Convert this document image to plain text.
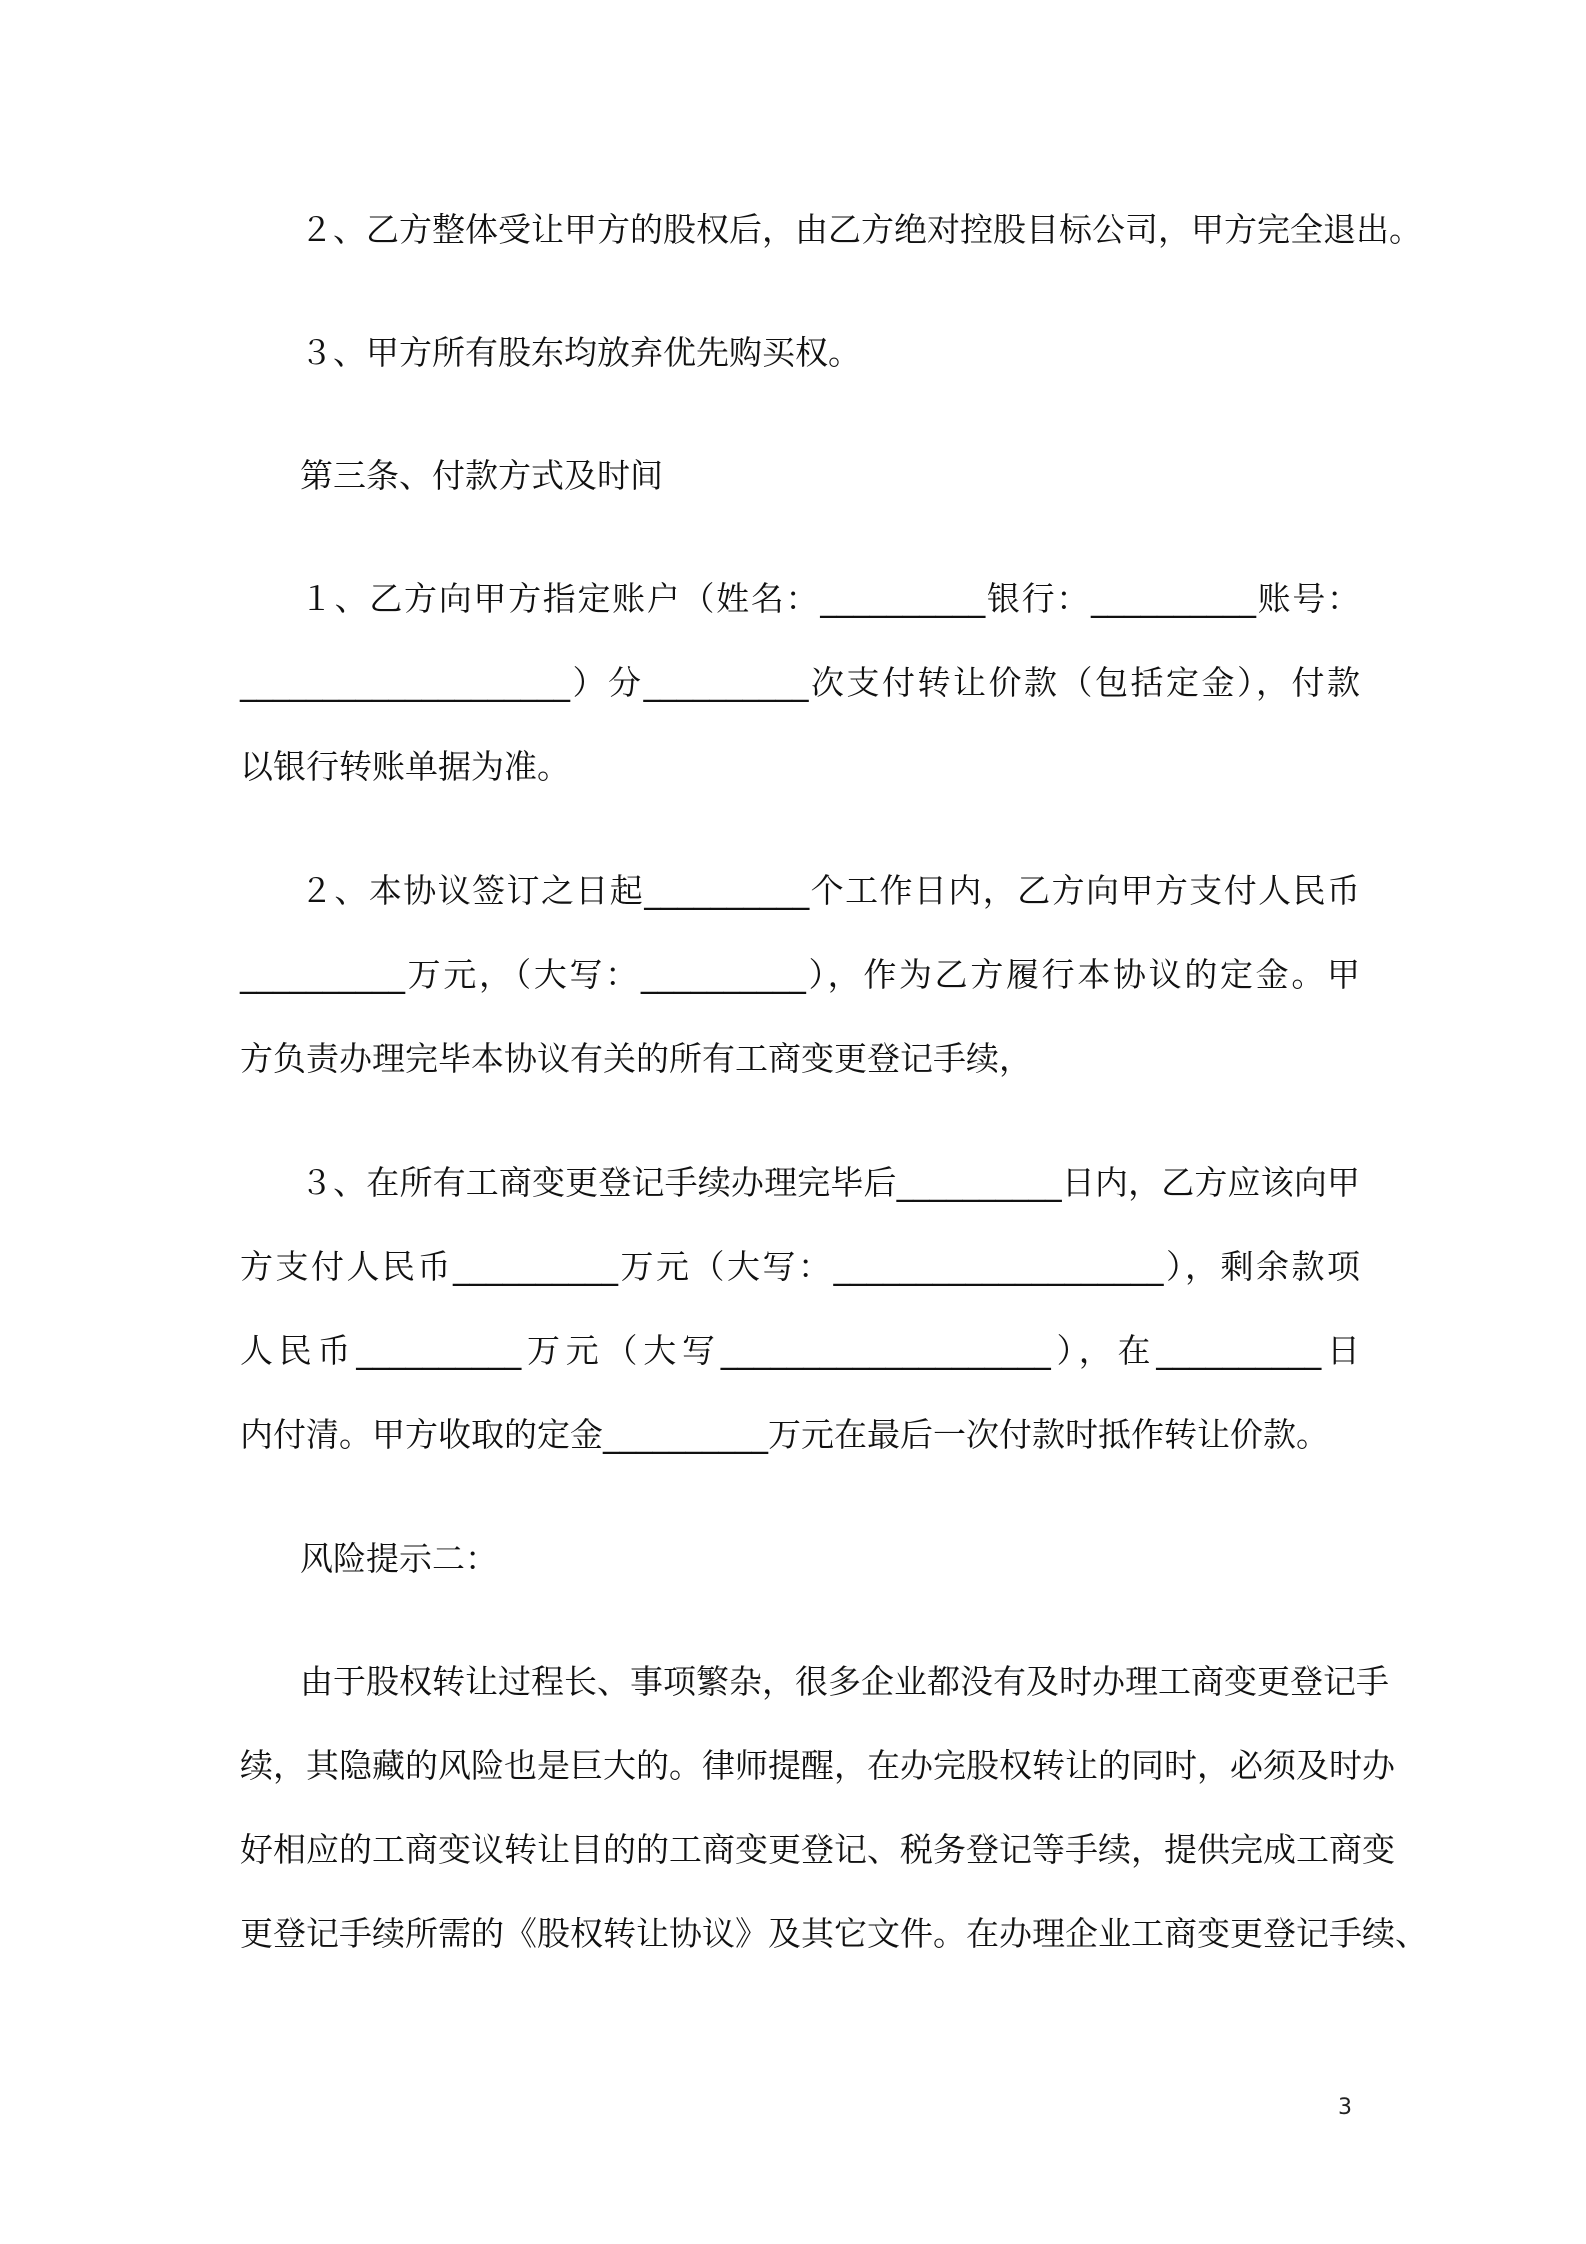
２、乙方整体受让甲方的股权后，由乙方绝对控股目标公司，甲方完全退出。
３、甲方所有股东均放弃优先购买权。
第三条、付款方式及时间
１、乙方向甲方指定账户（姓名：__________银行：__________账号：
____________________）分__________次支付转让价款（包括定金），付款
以银行转账单据为准。
２、本协议签订之日起__________个工作日内，乙方向甲方支付人民币
__________万元，（大写：__________），作为乙方履行本协议的定金。甲
方负责办理完毕本协议有关的所有工商变更登记手续，
３、在所有工商变更登记手续办理完毕后__________日内，乙方应该向甲
方支付人民币__________万元（大写：____________________），剩余款项
人民币__________万元（大写____________________），在__________日
内付清。甲方收取的定金__________万元在最后一次付款时抵作转让价款。
风险提示二：
由于股权转让过程长、事项繁杂，很多企业都没有及时办理工商变更登记手
续，其隐藏的风险也是巨大的。律师提醒，在办完股权转让的同时，必须及时办
好相应的工商变议转让目的的工商变更登记、税务登记等手续，提供完成工商变
更登记手续所需的《股权转让协议》及其它文件。在办理企业工商变更登记手续、
3
